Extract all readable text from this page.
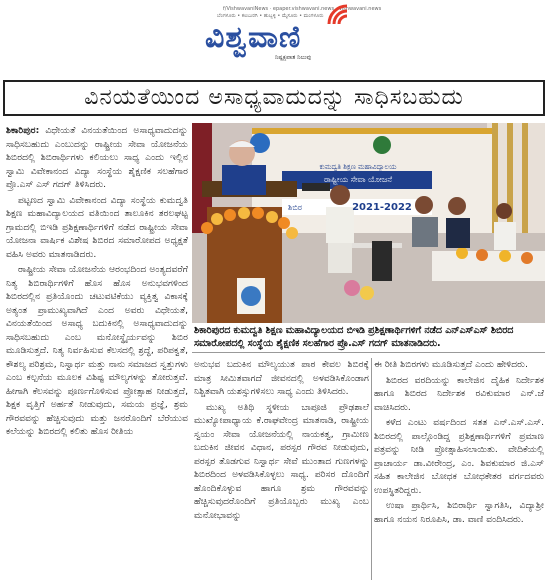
f/VishwavaniNews · epaper.vishwavani.news · vishwavani.news
ಬೆಂಗಳೂರು • ಕಲಬುರಗಿ • ಹುಬ್ಬಳ್ಳಿ • ಮೈಸೂರು • ಮಂಗಳೂರು
ವಿಶ್ವವಾಣಿ
ನಿಷ್ಪಕ್ಷಪಾತ ನಿಲುವು
ವಿನಯತೆಯಿಂದ ಅಸಾಧ್ಯವಾದುದನ್ನು ಸಾಧಿಸಬಹುದು

ಶಿಕಾರಿಪುರ: ವಿಧೇಯತೆ ವಿನಯತೆಯಿಂದ ಅಸಾಧ್ಯವಾದುದನ್ನು ಸಾಧಿಸಬಹುದು ಎಂಬುದನ್ನು ರಾಷ್ಟ್ರೀಯ ಸೇವಾ ಯೋಜನೆಯ ಶಿಬಿರದಲ್ಲಿ ಶಿಬಿರಾರ್ಥಿಗಳು ಕಲಿಯಲು ಸಾಧ್ಯ ಎಂದು ಇಲ್ಲಿನ ಸ್ವಾಮಿ ವಿವೇಕಾನಂದ ವಿದ್ಯಾ ಸಂಸ್ಥೆಯ ಶೈಕ್ಷಣಿಕ ಸಲಹೆಗಾರ ಪ್ರೊ.ಎಸ್ ಎಸ್ ಗದಗ್ ತಿಳಿಸಿದರು.

ಪಟ್ಟಣದ ಸ್ವಾಮಿ ವಿವೇಕಾನಂದ ವಿದ್ಯಾ ಸಂಸ್ಥೆಯ ಕುಮದ್ವತಿ ಶಿಕ್ಷಣ ಮಹಾವಿದ್ಯಾಲಯದ ವತಿಯಿಂದ ತಾಲೂಕಿನ ತರಲಘಟ್ಟ ಗ್ರಾಮದಲ್ಲಿ ಬಿಇಡಿ ಪ್ರಶಿಕ್ಷಣಾರ್ಥಿಗಳಿಗೆ ನಡೆದ ರಾಷ್ಟ್ರೀಯ ಸೇವಾ ಯೋಜನಾ ವಾರ್ಷಿಕ ವಿಶೇಷ ಶಿಬಿರದ ಸಮಾರೋಪದ ಅಧ್ಯಕ್ಷತೆ ವಹಿಸಿ ಅವರು ಮಾತನಾಡಿದರು.

ರಾಷ್ಟ್ರೀಯ ಸೇವಾ ಯೋಜನೆಯ ಆರಂಭದಿಂದ ಅಂತ್ಯದವರೆಗೆ ನಿತ್ಯ ಶಿಬಿರಾರ್ಥಿಗಳಿಗೆ ಹೊಸ ಹೊಸ ಅನುಭವಗಳಿಂದ ಶಿಬಿರದಲ್ಲಿನ ಪ್ರತಿಯೊಂದು ಚಟುವಟಿಕೆಯು ವ್ಯಕ್ತಿತ್ವ ವಿಕಾಸಕ್ಕೆ ಅತ್ಯಂತ ಪ್ರಾಮುಖ್ಯವಾಗಿದೆ ಎಂದ ಅವರು ವಿಧೇಯತೆ, ವಿನಯತೆಯಿಂದ ಅಸಾಧ್ಯ ಬದುಕಿನಲ್ಲಿ ಅಸಾಧ್ಯವಾದುದನ್ನು ಸಾಧಿಸಬಹುದು ಎಂಬ ಮನೋಸ್ಥೈರ್ಯವನ್ನು ಶಿಬಿರ ಮೂಡಿಸುತ್ತದೆ. ನಿತ್ಯ ನಿರ್ವಹಿಸುವ ಕೆಲಸದಲ್ಲಿ ಶ್ರದ್ಧೆ, ಪರಿಪಕ್ವತೆ, ಕೌಶಲ್ಯ ಪರಿಶ್ರಮ, ನಿಸ್ವಾರ್ಥ ಮತ್ತು ನಾನು ಸಮಾಜದ ಸ್ವತ್ತುಗಳು ಎಂಬ ಕಲ್ಪನೆಯ ಮೂಲಕ ವಿಶಿಷ್ಟ ಮೌಲ್ಯಗಳನ್ನು ತೋರುತ್ತವೆ. ಹೀಗಾಗಿ ಕೆಲಸವನ್ನು ಪೂರ್ಣಗೊಳಿಸುವ ಪ್ರೋತ್ಸಾಹ ನೀಡುತ್ತದೆ, ಶಿಕ್ಷಕ ವೃತ್ತಿಗೆ ಅರ್ಹತೆ ನೀಡುವುದು, ಸಮಯ ಪ್ರಜ್ಞೆ, ಶ್ರಮ ಗೌರವವನ್ನು ಹೆಚ್ಚಿಸುವುದು ಮತ್ತು ಜನರೊಂದಿಗೆ ಬೆರೆಯುವ ಕಲೆಯನ್ನು ಶಿಬಿರದಲ್ಲಿ ಕಲಿತು ಹೊಸ ರೀತಿಯ

ಕುಮದ್ವತಿ ಶಿಕ್ಷಣ ಮಹಾವಿದ್ಯಾಲಯ
ರಾಷ್ಟ್ರೀಯ ಸೇವಾ ಯೋಜನೆ
2021-2022
ಶಿಬಿರ
ಶಿಕಾರಿಪುರದ ಕುಮದ್ವತಿ ಶಿಕ್ಷಣ ಮಹಾವಿದ್ಯಾಲಯದ ಬಿಇಡಿ ಪ್ರಶಿಕ್ಷಣಾರ್ಥಿಗಳಿಗೆ ನಡೆದ ಎನ್ಎಸ್ಎಸ್ ಶಿಬಿರದ ಸಮಾರೋಪದಲ್ಲಿ ಸಂಸ್ಥೆಯ ಶೈಕ್ಷಣಿಕ ಸಲಹೆಗಾರ ಪ್ರೊ.ಎಸ್ ಗದಗ್ ಮಾತನಾಡಿದರು.

ಅನುಭವ ಬದುಕಿನ ಮೌಲ್ಯಯುತ ಪಾಠ ಕೇವಲ ಶಿಬಿರಕ್ಕೆ ಮಾತ್ರ ಸೀಮಿತವಾಗದೆ ಜೀವನದಲ್ಲಿ ಅಳವಡಿಸಿಕೊಂಡಾಗ ನಿಶ್ಚಿತವಾಗಿ ಯಶಸ್ಸುಗಳಿಸಲು ಸಾಧ್ಯ ಎಂದು ತಿಳಿಸಿದರು.

ಮುಖ್ಯ ಅತಿಥಿ ಸ್ಥಳೀಯ ಬಾಪೂಜಿ ಪ್ರೌಢಶಾಲೆ ಮುಖ್ಯೋಪಾಧ್ಯಾಯ ಕೆ.ರಾಘವೇಂದ್ರ ಮಾತನಾಡಿ, ರಾಷ್ಟ್ರೀಯ ಸ್ವಯಂ ಸೇವಾ ಯೋಜನೆಯಲ್ಲಿ ನಾಯಕತ್ವ, ಗ್ರಾಮೀಣ ಬದುಕಿನ ಜೀವನ ವಿಧಾನ, ಪರಸ್ಪರ ಗೌರವ ನೀಡುವುದು, ಪರಸ್ಪರ ತೊಡಗುವ ನಿಸ್ವಾರ್ಥ ಸೇವೆ ಮುಂತಾದ ಗುಣಗಳನ್ನು ಶಿಬಿರದಿಂದ ಅಳವಡಿಸಿಕೊಳ್ಳಲು ಸಾಧ್ಯ. ಪರಿಸರ ದೊಂದಿಗೆ ಹೊಂದಿಕೊಳ್ಳುವ ಹಾಗೂ ಶ್ರಮ ಗೌರವವನ್ನು ಹೆಚ್ಚಿಸುವುದರೊಂದಿಗೆ ಪ್ರತಿಯೊಬ್ಬರು ಮುಖ್ಯ ಎಂಬ ಮನೋಭಾವನ್ನು

ಈ ರೀತಿ ಶಿಬಿರಗಳು ಮೂಡಿಸುತ್ತದೆ ಎಂದು ಹೇಳಿದರು.

ಶಿಬಿರದ ವರದಿಯನ್ನು ಕಾಲೇಜಿನ ದೈಹಿಕ ನಿರ್ದೇಶಕ ಹಾಗೂ ಶಿಬಿರದ ನಿರ್ದೇಶಕ ರವಿಕುಮಾರ ಎನ್.ಜೆ ವಾಚಿಸಿದರು.

ಕಳೆದ ಎಂಟು ವರ್ಷದಿಂದ ಸತತ ಎನ್.ಎಸ್.ಎಸ್. ಶಿಬಿರದಲ್ಲಿ ಪಾಲ್ಗೊಂಡಿದ್ದ ಪ್ರಶಿಕ್ಷಣಾರ್ಥಿಗಳಿಗೆ ಪ್ರಮಾಣ ಪತ್ರವನ್ನು ನೀಡಿ ಪ್ರೋತ್ಸಾಹಿಸಲಾಯಿತು. ವೇದಿಕೆಯಲ್ಲಿ ಪ್ರಾಚಾರ್ಯ ಡಾ.ವೀರೇಂದ್ರ, ಎಂ. ಶಿವಕುಮಾರ ಜಿ.ಎಸ್ ಸಹಿತ ಕಾಲೇಜಿನ ಬೋಧಕ ಬೋಧಕೇತರ ವರ್ಗದವರು ಉಪಸ್ಥಿತರಿದ್ದರು.

ಉಷಾ ಪ್ರಾರ್ಥಿಸಿ, ಶಿಬಿರಾರ್ಥಿ ಸ್ವಾಗತಿಸಿ, ವಿದ್ಯಾಶ್ರೀ ಹಾಗೂ ನಯನ ನಿರೂಪಿಸಿ, ಡಾ. ವಾಣಿ ವಂದಿಸಿದರು.
